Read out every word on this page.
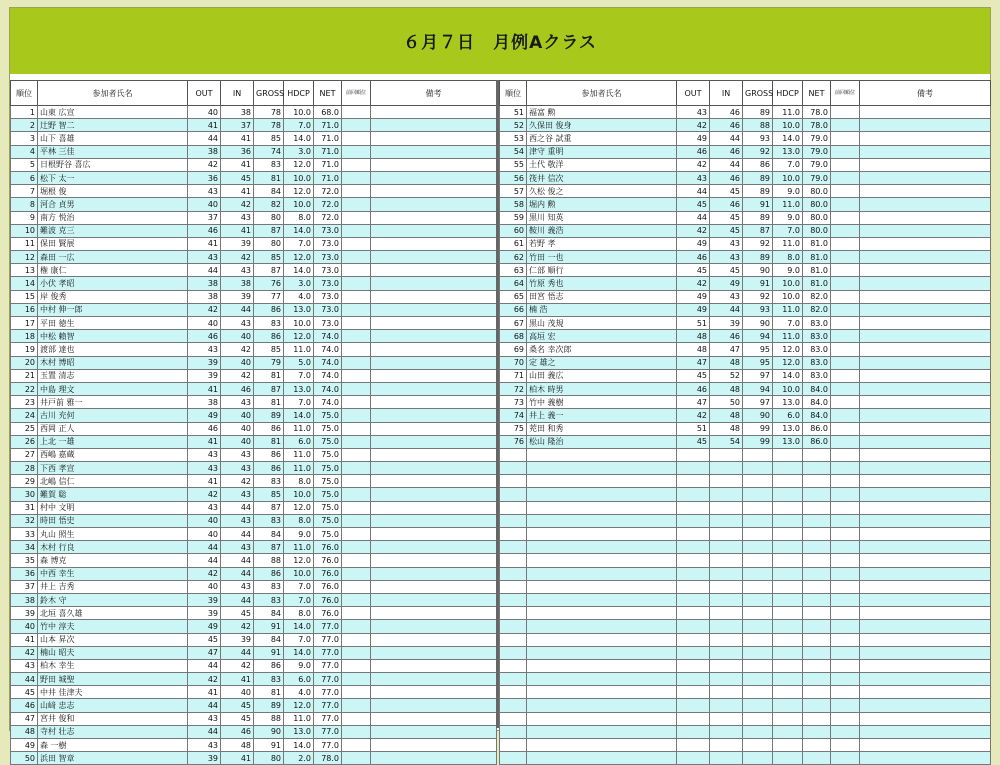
６月７日　月例Aクラス
順位	参加者氏名	OUT	IN	GROSS	HDCP	NET	前回順位	備考
1	山東 広宣	40	38	78	10.0	68.0		
2	辻野 智二	41	37	78	7.0	71.0		
3	山下 喜雄	44	41	85	14.0	71.0		
4	平林 三佳	38	36	74	3.0	71.0		
5	日根野谷 喜広	42	41	83	12.0	71.0		
6	松下 太一	36	45	81	10.0	71.0		
7	堀根 俊	43	41	84	12.0	72.0		
8	河合 貞男	40	42	82	10.0	72.0		
9	南方 悦治	37	43	80	8.0	72.0		
10	難波 克三	46	41	87	14.0	73.0		
11	保田 賢展	41	39	80	7.0	73.0		
12	森田 一広	43	42	85	12.0	73.0		
13	権 康仁	44	43	87	14.0	73.0		
14	小伏 孝昭	38	38	76	3.0	73.0		
15	岸 俊秀	38	39	77	4.0	73.0		
16	中村 伸一郎	42	44	86	13.0	73.0		
17	平田 徳生	40	43	83	10.0	73.0		
18	中松 賴智	46	40	86	12.0	74.0		
19	渡部 達也	43	42	85	11.0	74.0		
20	木村 博昭	39	40	79	5.0	74.0		
21	玉置 清志	39	42	81	7.0	74.0		
22	中島 理文	41	46	87	13.0	74.0		
23	井戸前 雅一	38	43	81	7.0	74.0		
24	古川 充何	49	40	89	14.0	75.0		
25	西岡 正人	46	40	86	11.0	75.0		
26	上北 一雄	41	40	81	6.0	75.0		
27	西嶋 嘉蔵	43	43	86	11.0	75.0		
28	下西 孝宣	43	43	86	11.0	75.0		
29	北嶋 信仁	41	42	83	8.0	75.0		
30	難賀 聡	42	43	85	10.0	75.0		
31	村中 文明	43	44	87	12.0	75.0		
32	時田 悟史	40	43	83	8.0	75.0		
33	丸山 照生	40	44	84	9.0	75.0		
34	木村 行良	44	43	87	11.0	76.0		
35	森 博克	44	44	88	12.0	76.0		
36	中西 幸生	42	44	86	10.0	76.0		
37	井上 吉秀	40	43	83	7.0	76.0		
38	鈴木 守	39	44	83	7.0	76.0		
39	北垣 喜久雄	39	45	84	8.0	76.0		
40	竹中 淳夫	49	42	91	14.0	77.0		
41	山本 昇次	45	39	84	7.0	77.0		
42	楠山 昭夫	47	44	91	14.0	77.0		
43	柏木 幸生	44	42	86	9.0	77.0		
44	野田 城聖	42	41	83	6.0	77.0		
45	中井 佳津夫	41	40	81	4.0	77.0		
46	山﨑 忠志	44	45	89	12.0	77.0		
47	宮井 俊和	43	45	88	11.0	77.0		
48	寺村 壮志	44	46	90	13.0	77.0		
49	森 一樹	43	48	91	14.0	77.0		
50	浜田 智章	39	41	80	2.0	78.0		
順位	参加者氏名	OUT	IN	GROSS	HDCP	NET	前回順位	備考
51	福富 勲	43	46	89	11.0	78.0		
52	久保田 俊身	42	46	88	10.0	78.0		
53	西之谷 試重	49	44	93	14.0	79.0		
54	津守 重明	46	46	92	13.0	79.0		
55	土代 敬洋	42	44	86	7.0	79.0		
56	筏井 信次	43	46	89	10.0	79.0		
57	久松 俊之	44	45	89	9.0	80.0		
58	堀内 勲	45	46	91	11.0	80.0		
59	黒川 知英	44	45	89	9.0	80.0		
60	鞍川 義浩	42	45	87	7.0	80.0		
61	若野 孝	49	43	92	11.0	81.0		
62	竹田 一也	46	43	89	8.0	81.0		
63	仁部 順行	45	45	90	9.0	81.0		
64	竹原 秀也	42	49	91	10.0	81.0		
65	田宮 悟志	49	43	92	10.0	82.0		
66	楠 浩	49	44	93	11.0	82.0		
67	黒山 茂規	51	39	90	7.0	83.0		
68	高垣 宏	48	46	94	11.0	83.0		
69	桑名 幸次郎	48	47	95	12.0	83.0		
70	定 雄之	47	48	95	12.0	83.0		
71	山田 義広	45	52	97	14.0	83.0		
72	柏木 時男	46	48	94	10.0	84.0		
73	竹中 義樹	47	50	97	13.0	84.0		
74	井上 義一	42	48	90	6.0	84.0		
75	茺田 和秀	51	48	99	13.0	86.0		
76	松山 隆治	45	54	99	13.0	86.0		
